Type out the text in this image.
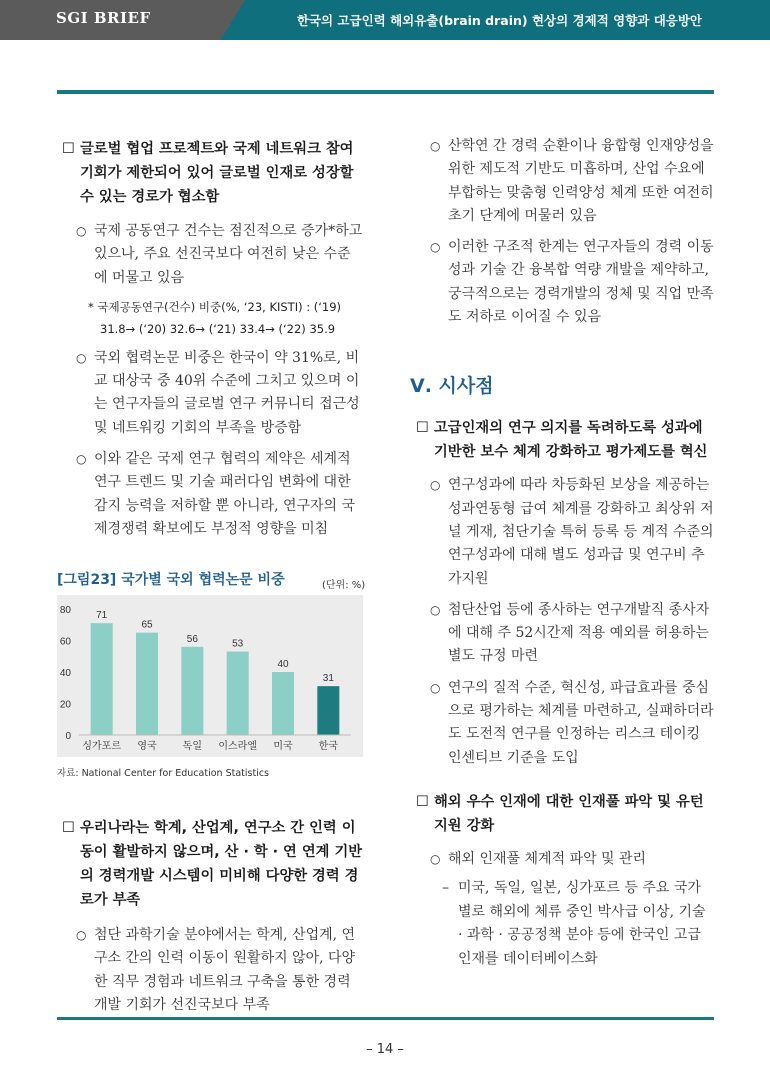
SGI BRIEF	한국의 고급인력 해외유출(brain drain) 현상의 경제적 영향과 대응방안
☐ 글로벌 협업 프로젝트와 국제 네트워크 참여 기회가 제한되어 있어 글로벌 인재로 성장할 수 있는 경로가 협소함
○ 국제 공동연구 건수는 점진적으로 증가*하고 있으나, 주요 선진국보다 여전히 낮은 수준에 머물고 있음
* 국제공동연구(건수) 비중(%, ‘23, KISTI) : (‘19) 31.8→ (‘20) 32.6→ (‘21) 33.4→ (‘22) 35.9
○ 국외 협력논문 비중은 한국이 약 31%로, 비교 대상국 중 40위 수준에 그치고 있으며 이는 연구자들의 글로벌 연구 커뮤니티 접근성 및 네트워킹 기회의 부족을 방증함
○ 이와 같은 국제 연구 협력의 제약은 세계적 연구 트렌드 및 기술 패러다임 변화에 대한 감지 능력을 저하할 뿐 아니라, 연구자의 국제경쟁력 확보에도 부정적 영향을 미침
[그림23] 국가별 국외 협력논문 비중	(단위: %)
0
20
40
60
80	71
싱가포르
65
영국
56
독일
53
이스라엘
40
미국
31
한국
자료: National Center for Education Statistics
☐ 우리나라는 학계, 산업계, 연구소 간 인력 이동이 활발하지 않으며, 산 · 학 · 연 연계 기반의 경력개발 시스템이 미비해 다양한 경력 경로가 부족
○ 첨단 과학기술 분야에서는 학계, 산업계, 연구소 간의 인력 이동이 원활하지 않아, 다양한 직무 경험과 네트워크 구축을 통한 경력 개발 기회가 선진국보다 부족
○ 산학연 간 경력 순환이나 융합형 인재양성을 위한 제도적 기반도 미흡하며, 산업 수요에 부합하는 맞춤형 인력양성 체계 또한 여전히 초기 단계에 머물러 있음
○ 이러한 구조적 한계는 연구자들의 경력 이동성과 기술 간 융복합 역량 개발을 제약하고, 궁극적으로는 경력개발의 정체 및 직업 만족도 저하로 이어질 수 있음
Ⅴ. 시사점
☐ 고급인재의 연구 의지를 독려하도록 성과에 기반한 보수 체계 강화하고 평가제도를 혁신
○ 연구성과에 따라 차등화된 보상을 제공하는 성과연동형 급여 체계를 강화하고 최상위 저널 게재, 첨단기술 특허 등록 등 계적 수준의 연구성과에 대해 별도 성과급 및 연구비 추가지원
○ 첨단산업 등에 종사하는 연구개발직 종사자에 대해 주 52시간제 적용 예외를 허용하는 별도 규정 마련
○ 연구의 질적 수준, 혁신성, 파급효과를 중심으로 평가하는 체계를 마련하고, 실패하더라도 도전적 연구를 인정하는 리스크 테이킹 인센티브 기준을 도입
☐ 해외 우수 인재에 대한 인재풀 파악 및 유턴 지원 강화
○ 해외 인재풀 체계적 파악 및 관리
– 미국, 독일, 일본, 싱가포르 등 주요 국가별로 해외에 체류 중인 박사급 이상, 기술 · 과학 · 공공정책 분야 등에 한국인 고급인재를 데이터베이스화
– 14 –
